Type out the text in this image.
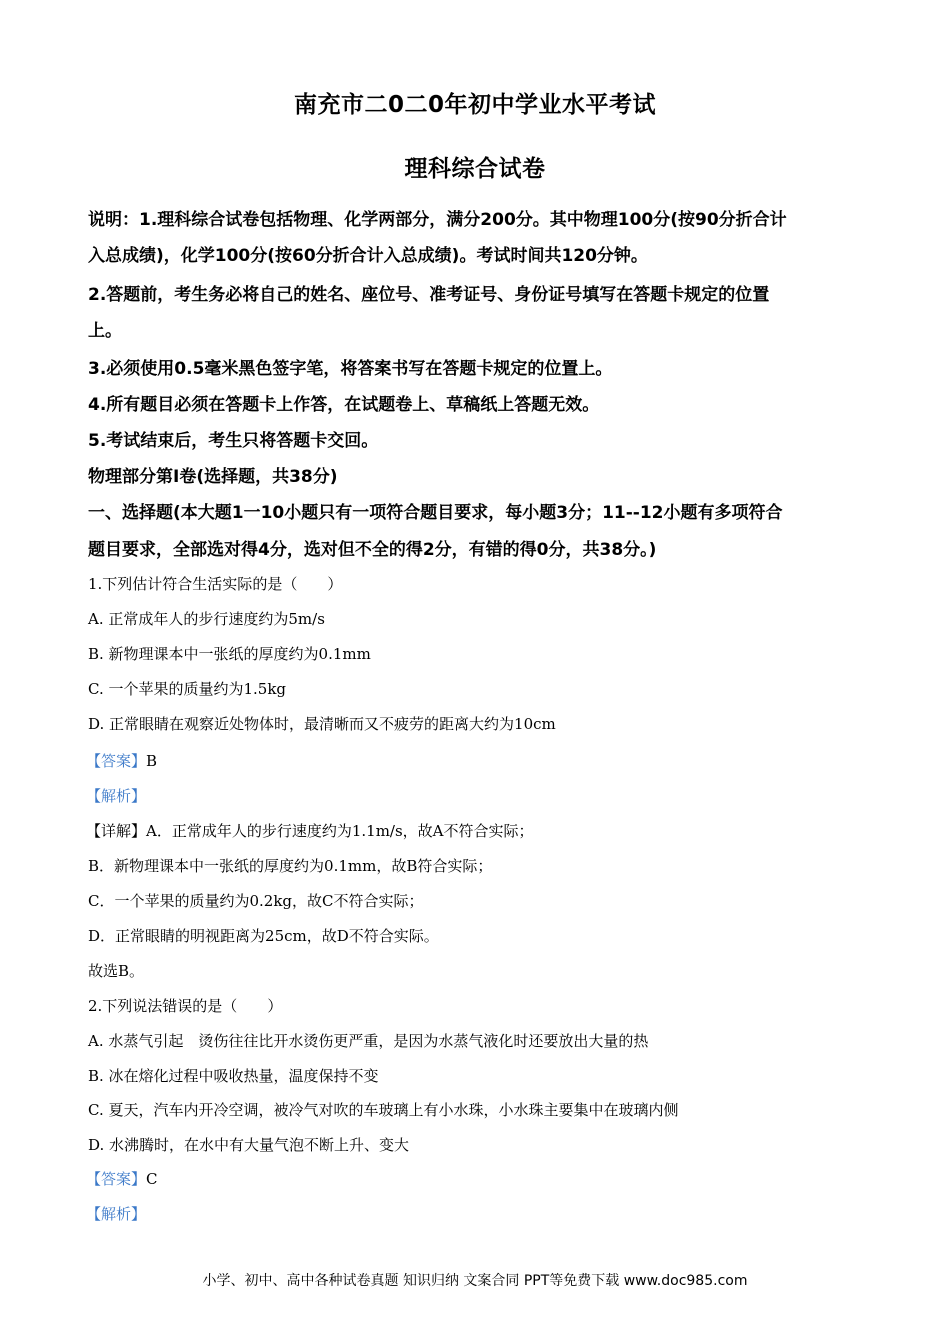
南充市二0二0年初中学业水平考试
理科综合试卷
说明：1.理科综合试卷包括物理、化学两部分，满分200分。其中物理100分(按90分折合计
入总成绩)，化学100分(按60分折合计入总成绩)。考试时间共120分钟。
2.答题前，考生务必将自己的姓名、座位号、准考证号、身份证号填写在答题卡规定的位置
上。
3.必须使用0.5毫米黑色签字笔，将答案书写在答题卡规定的位置上。
4.所有题目必须在答题卡上作答，在试题卷上、草稿纸上答题无效。
5.考试结束后，考生只将答题卡交回。
物理部分第I卷(选择题，共38分)
一、选择题(本大题1一10小题只有一项符合题目要求，每小题3分；11--12小题有多项符合
题目要求，全部选对得4分，选对但不全的得2分，有错的得0分，共38分。)
1.下列估计符合生活实际的是（　　）
A. 正常成年人的步行速度约为5m/s
B. 新物理课本中一张纸的厚度约为0.1mm
C. 一个苹果的质量约为1.5kg
D. 正常眼睛在观察近处物体时，最清晰而又不疲劳的距离大约为10cm
【答案】B
【解析】
【详解】A．正常成年人的步行速度约为1.1m/s，故A不符合实际；
B．新物理课本中一张纸的厚度约为0.1mm，故B符合实际；
C．一个苹果的质量约为0.2kg，故C不符合实际；
D．正常眼睛的明视距离为25cm，故D不符合实际。
故选B。
2.下列说法错误的是（　　）
A. 水蒸气引起　烫伤往往比开水烫伤更严重，是因为水蒸气液化时还要放出大量的热
B. 冰在熔化过程中吸收热量，温度保持不变
C. 夏天，汽车内开冷空调，被冷气对吹的车玻璃上有小水珠，小水珠主要集中在玻璃内侧
D. 水沸腾时，在水中有大量气泡不断上升、变大
【答案】C
【解析】
小学、初中、高中各种试卷真题 知识归纳 文案合同 PPT等免费下载 www.doc985.com
